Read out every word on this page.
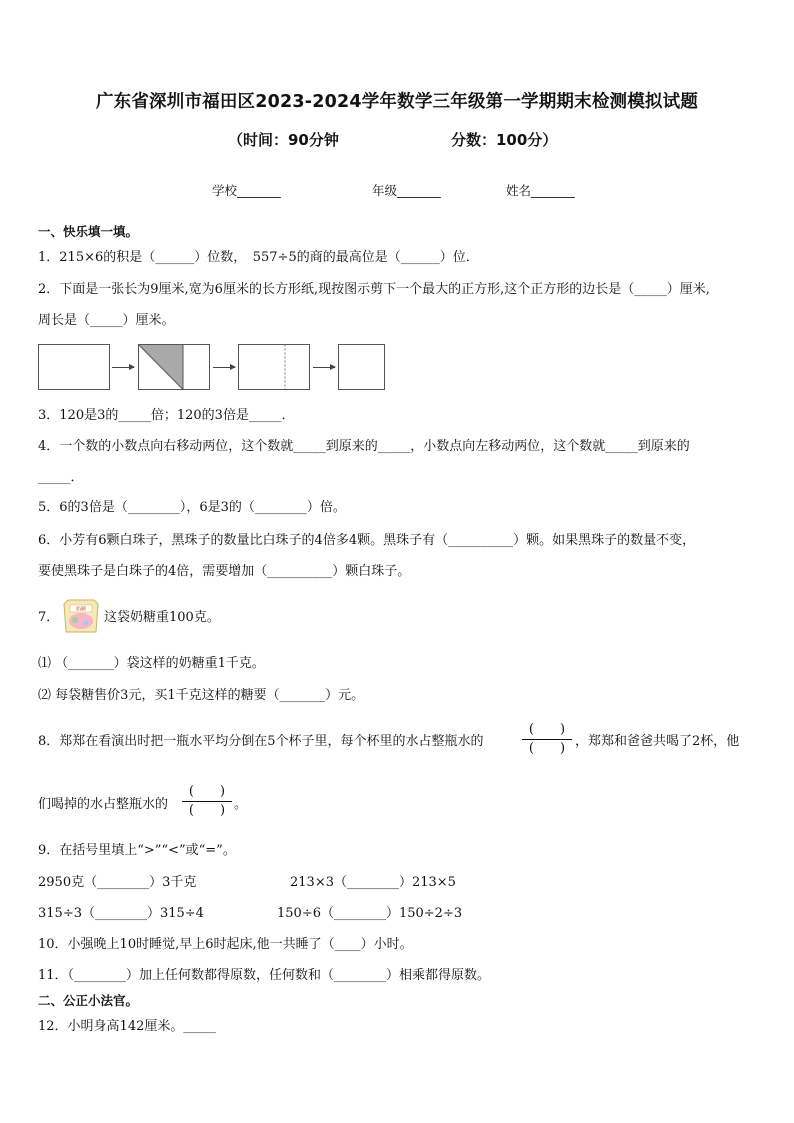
广东省深圳市福田区2023-2024学年数学三年级第一学期期末检测模拟试题
（时间：90分钟	分数：100分）
学校_______	年级_______	姓名_______
一、快乐填一填。
1．215×6的积是（______）位数，　557÷5的商的最高位是（______）位．
2．下面是一张长为9厘米,宽为6厘米的长方形纸,现按图示剪下一个最大的正方形,这个正方形的边长是（_____）厘米,
周长是（_____）厘米。
3．120是3的_____倍；120的3倍是_____．
4．一个数的小数点向右移动两位，这个数就_____到原来的_____，小数点向左移动两位，这个数就_____到原来的
_____．
5．6的3倍是（________），6是3的（________）倍。
6．小芳有6颗白珠子，黑珠子的数量比白珠子的4倍多4颗。黑珠子有（__________）颗。如果黑珠子的数量不变，
要使黑珠子是白珠子的4倍，需要增加（__________）颗白珠子。
7．
奶糖
这袋奶糖重100克。
⑴ （_______）袋这样的奶糖重1千克。
⑵ 每袋糖售价3元，买1千克这样的糖要（_______）元。
8．郑郑在看演出时把一瓶水平均分倒在5个杯子里，每个杯里的水占整瓶水的
(　　)
(　　) ，郑郑和爸爸共喝了2杯，他
们喝掉的水占整瓶水的
(　　)
(　　) 。
9．在括号里填上“>”“<”或“=”。
2950克（________）3千克	213×3（________）213×5
315÷3（________）315÷4	150÷6（________）150÷2÷3
10．小强晚上10时睡觉,早上6时起床,他一共睡了（____）小时。
11．（________）加上任何数都得原数，任何数和（________）相乘都得原数。
二、公正小法官。
12．小明身高142厘米。_____
